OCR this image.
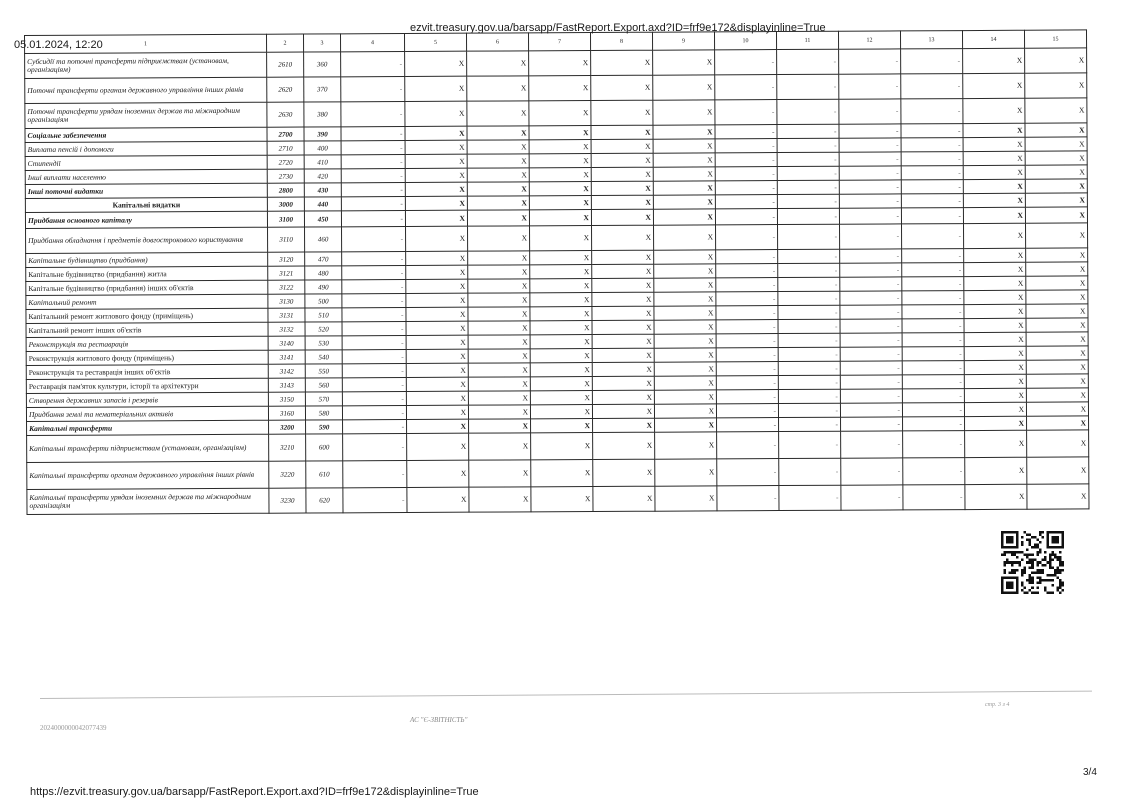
05.01.2024, 12:20
ezvit.treasury.gov.ua/barsapp/FastReport.Export.axd?ID=frf9e172&displayinline=True
1	2	3	4	5	6	7	8	9	10	11	12	13	14	15
Субсидії та поточні трансферти підприємствам (установам, організаціям)	2610	360	-	X	X	X	X	X	-	-	-	-	X	X
Поточні трансферти органам державного управління інших рівнів	2620	370	-	X	X	X	X	X	-	-	-	-	X	X
Поточні трансферти урядам іноземних держав та міжнародним організаціям	2630	380	-	X	X	X	X	X	-	-	-	-	X	X
Соціальне забезпечення	2700	390	-	X	X	X	X	X	-	-	-	-	X	X
Виплата пенсій і допомоги	2710	400	-	X	X	X	X	X	-	-	-	-	X	X
Стипендії	2720	410	-	X	X	X	X	X	-	-	-	-	X	X
Інші виплати населенню	2730	420	-	X	X	X	X	X	-	-	-	-	X	X
Інші поточні видатки	2800	430	-	X	X	X	X	X	-	-	-	-	X	X
Капітальні видатки	3000	440	-	X	X	X	X	X	-	-	-	-	X	X
Придбання основного капіталу	3100	450	-	X	X	X	X	X	-	-	-	-	X	X
Придбання обладнання і предметів довгострокового користування	3110	460	-	X	X	X	X	X	-	-	-	-	X	X
Капітальне будівництво (придбання)	3120	470	-	X	X	X	X	X	-	-	-	-	X	X
Капітальне будівництво (придбання) житла	3121	480	-	X	X	X	X	X	-	-	-	-	X	X
Капітальне будівництво (придбання) інших об'єктів	3122	490	-	X	X	X	X	X	-	-	-	-	X	X
Капітальний ремонт	3130	500	-	X	X	X	X	X	-	-	-	-	X	X
Капітальний ремонт житлового фонду (приміщень)	3131	510	-	X	X	X	X	X	-	-	-	-	X	X
Капітальний ремонт інших об'єктів	3132	520	-	X	X	X	X	X	-	-	-	-	X	X
Реконструкція та реставрація	3140	530	-	X	X	X	X	X	-	-	-	-	X	X
Реконструкція житлового фонду (приміщень)	3141	540	-	X	X	X	X	X	-	-	-	-	X	X
Реконструкція та реставрація інших об'єктів	3142	550	-	X	X	X	X	X	-	-	-	-	X	X
Реставрація пам'яток культури, історії та архітектури	3143	560	-	X	X	X	X	X	-	-	-	-	X	X
Створення державних запасів і резервів	3150	570	-	X	X	X	X	X	-	-	-	-	X	X
Придбання землі та нематеріальних активів	3160	580	-	X	X	X	X	X	-	-	-	-	X	X
Капітальні трансферти	3200	590	-	X	X	X	X	X	-	-	-	-	X	X
Капітальні трансферти підприємствам (установам, організаціям)	3210	600	-	X	X	X	X	X	-	-	-	-	X	X
Капітальні трансферти органам державного управління інших рівнів	3220	610	-	X	X	X	X	X	-	-	-	-	X	X
Капітальні трансферти урядам іноземних держав та міжнародним організаціям	3230	620	-	X	X	X	X	X	-	-	-	-	X	X
2024000000042077439
АС "Є-ЗВІТНІСТЬ"
стр. 3 з 4
3/4
https://ezvit.treasury.gov.ua/barsapp/FastReport.Export.axd?ID=frf9e172&displayinline=True
